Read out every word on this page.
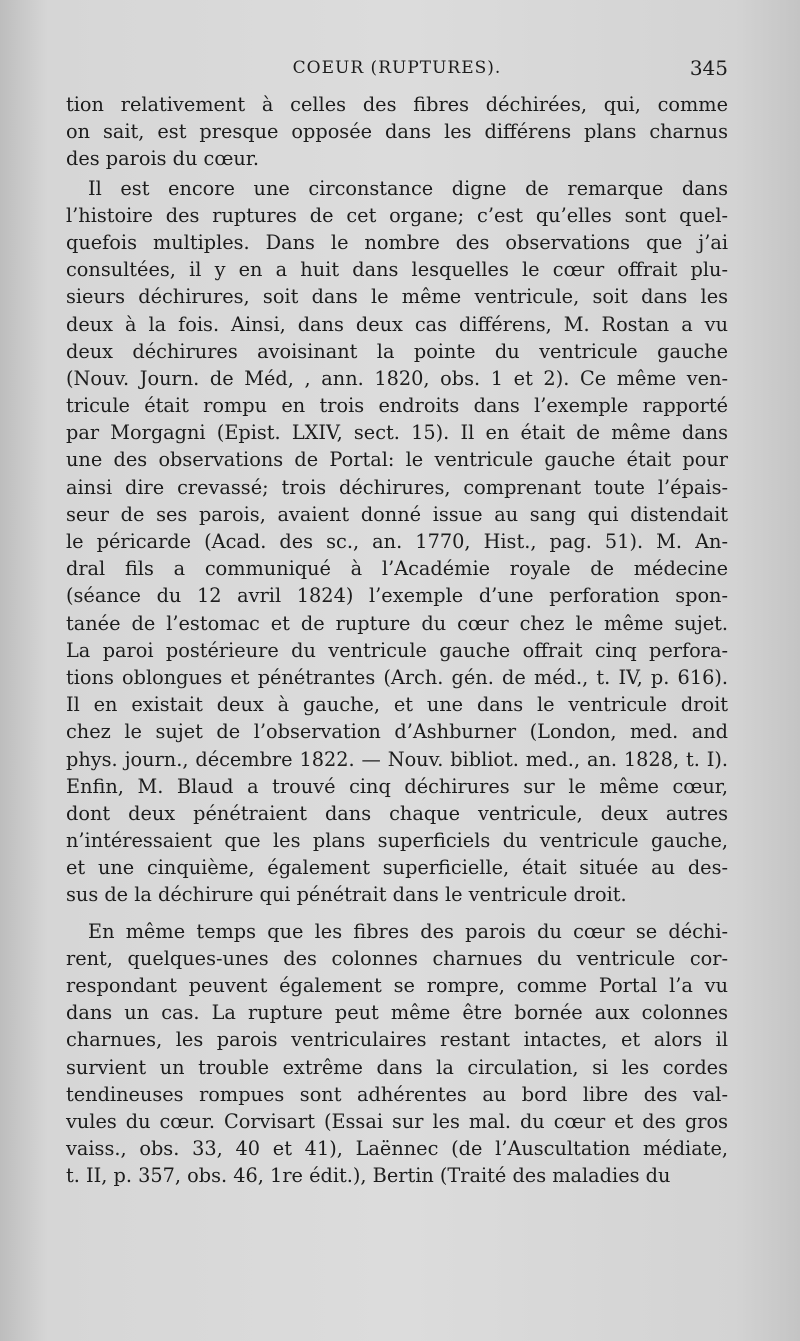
COEUR (RUPTURES).	345
tion relativement à celles des fibres déchirées, qui, comme
on sait, est presque opposée dans les différens plans charnus
des parois du cœur.
Il est encore une circonstance digne de remarque dans
l’histoire des ruptures de cet organe; c’est qu’elles sont quel-
quefois multiples. Dans le nombre des observations que j’ai
consultées, il y en a huit dans lesquelles le cœur offrait plu-
sieurs déchirures, soit dans le même ventricule, soit dans les
deux à la fois. Ainsi, dans deux cas différens, M. Rostan a vu
deux déchirures avoisinant la pointe du ventricule gauche
(Nouv. Journ. de Méd, , ann. 1820, obs. 1 et 2). Ce même ven-
tricule était rompu en trois endroits dans l’exemple rapporté
par Morgagni (Epist. LXIV, sect. 15). Il en était de même dans
une des observations de Portal: le ventricule gauche était pour
ainsi dire crevassé; trois déchirures, comprenant toute l’épais-
seur de ses parois, avaient donné issue au sang qui distendait
le péricarde (Acad. des sc., an. 1770, Hist., pag. 51). M. An-
dral fils a communiqué à l’Académie royale de médecine
(séance du 12 avril 1824) l’exemple d’une perforation spon-
tanée de l’estomac et de rupture du cœur chez le même sujet.
La paroi postérieure du ventricule gauche offrait cinq perfora-
tions oblongues et pénétrantes (Arch. gén. de méd., t. IV, p. 616).
Il en existait deux à gauche, et une dans le ventricule droit
chez le sujet de l’observation d’Ashburner (London, med. and
phys. journ., décembre 1822. — Nouv. bibliot. med., an. 1828, t. I).
Enfin, M. Blaud a trouvé cinq déchirures sur le même cœur,
dont deux pénétraient dans chaque ventricule, deux autres
n’intéressaient que les plans superficiels du ventricule gauche,
et une cinquième, également superficielle, était située au des-
sus de la déchirure qui pénétrait dans le ventricule droit.
En même temps que les fibres des parois du cœur se déchi-
rent, quelques-unes des colonnes charnues du ventricule cor-
respondant peuvent également se rompre, comme Portal l’a vu
dans un cas. La rupture peut même être bornée aux colonnes
charnues, les parois ventriculaires restant intactes, et alors il
survient un trouble extrême dans la circulation, si les cordes
tendineuses rompues sont adhérentes au bord libre des val-
vules du cœur. Corvisart (Essai sur les mal. du cœur et des gros
vaiss., obs. 33, 40 et 41), Laënnec (de l’Auscultation médiate,
t. II, p. 357, obs. 46, 1re édit.), Bertin (Traité des maladies du
